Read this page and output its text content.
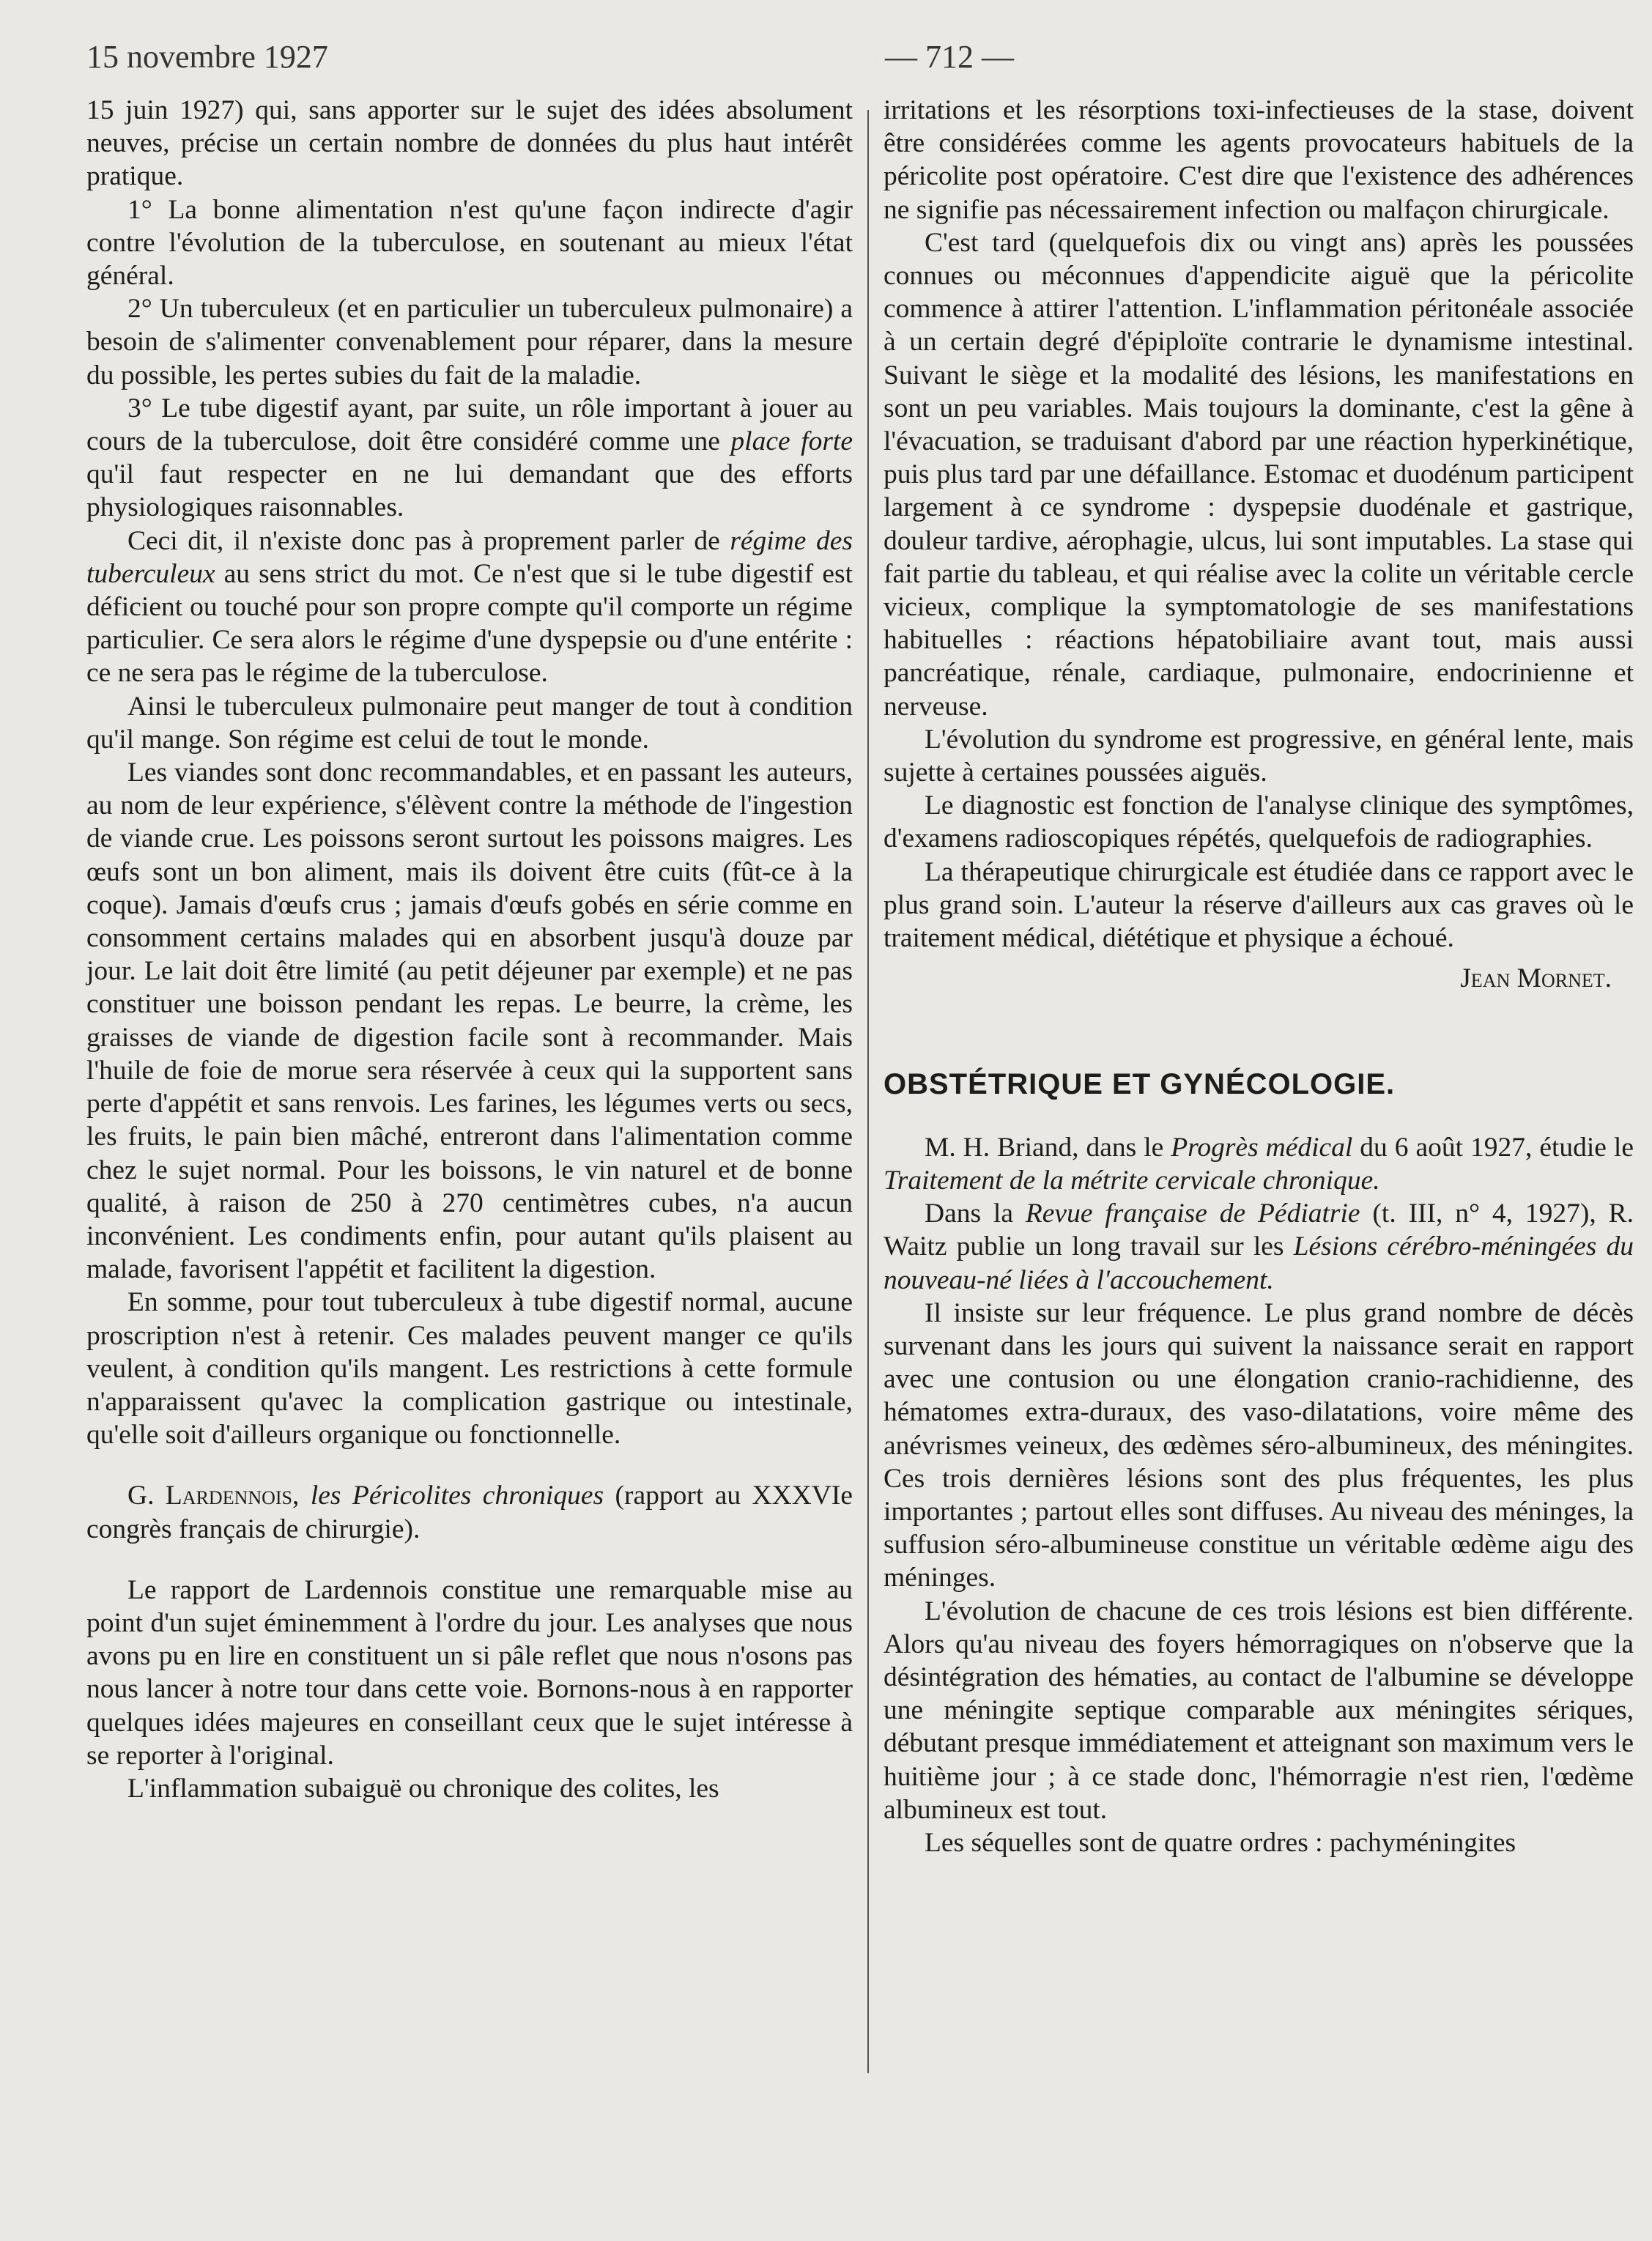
15 novembre 1927	— 712 —

15 juin 1927) qui, sans apporter sur le sujet des idées absolument neuves, précise un certain nombre de données du plus haut intérêt pratique.

1° La bonne alimentation n'est qu'une façon indirecte d'agir contre l'évolution de la tuberculose, en soutenant au mieux l'état général.

2° Un tuberculeux (et en particulier un tuberculeux pulmonaire) a besoin de s'alimenter convenablement pour réparer, dans la mesure du possible, les pertes subies du fait de la maladie.

3° Le tube digestif ayant, par suite, un rôle important à jouer au cours de la tuberculose, doit être considéré comme une place forte qu'il faut respecter en ne lui demandant que des efforts physiologiques raisonnables.

Ceci dit, il n'existe donc pas à proprement parler de régime des tuberculeux au sens strict du mot. Ce n'est que si le tube digestif est déficient ou touché pour son propre compte qu'il comporte un régime particulier. Ce sera alors le régime d'une dyspepsie ou d'une entérite : ce ne sera pas le régime de la tuberculose.

Ainsi le tuberculeux pulmonaire peut manger de tout à condition qu'il mange. Son régime est celui de tout le monde.

Les viandes sont donc recommandables, et en passant les auteurs, au nom de leur expérience, s'élèvent contre la méthode de l'ingestion de viande crue. Les poissons seront surtout les poissons maigres. Les œufs sont un bon aliment, mais ils doivent être cuits (fût-ce à la coque). Jamais d'œufs crus ; jamais d'œufs gobés en série comme en consomment certains malades qui en absorbent jusqu'à douze par jour. Le lait doit être limité (au petit déjeuner par exemple) et ne pas constituer une boisson pendant les repas. Le beurre, la crème, les graisses de viande de digestion facile sont à recommander. Mais l'huile de foie de morue sera réservée à ceux qui la supportent sans perte d'appétit et sans renvois. Les farines, les légumes verts ou secs, les fruits, le pain bien mâché, entreront dans l'alimentation comme chez le sujet normal. Pour les boissons, le vin naturel et de bonne qualité, à raison de 250 à 270 centimètres cubes, n'a aucun inconvénient. Les condiments enfin, pour autant qu'ils plaisent au malade, favorisent l'appétit et facilitent la digestion.

En somme, pour tout tuberculeux à tube digestif normal, aucune proscription n'est à retenir. Ces malades peuvent manger ce qu'ils veulent, à condition qu'ils mangent. Les restrictions à cette formule n'apparaissent qu'avec la complication gastrique ou intestinale, qu'elle soit d'ailleurs organique ou fonctionnelle.

G. Lardennois, les Péricolites chroniques (rapport au XXXVIe congrès français de chirurgie).

Le rapport de Lardennois constitue une remarquable mise au point d'un sujet éminemment à l'ordre du jour. Les analyses que nous avons pu en lire en constituent un si pâle reflet que nous n'osons pas nous lancer à notre tour dans cette voie. Bornons-nous à en rapporter quelques idées majeures en conseillant ceux que le sujet intéresse à se reporter à l'original.

L'inflammation subaiguë ou chronique des colites, les

irritations et les résorptions toxi-infectieuses de la stase, doivent être considérées comme les agents provocateurs habituels de la péricolite post opératoire. C'est dire que l'existence des adhérences ne signifie pas nécessairement infection ou malfaçon chirurgicale.

C'est tard (quelquefois dix ou vingt ans) après les poussées connues ou méconnues d'appendicite aiguë que la péricolite commence à attirer l'attention. L'inflammation péritonéale associée à un certain degré d'épiploïte contrarie le dynamisme intestinal. Suivant le siège et la modalité des lésions, les manifestations en sont un peu variables. Mais toujours la dominante, c'est la gêne à l'évacuation, se traduisant d'abord par une réaction hyperkinétique, puis plus tard par une défaillance. Estomac et duodénum participent largement à ce syndrome : dyspepsie duodénale et gastrique, douleur tardive, aérophagie, ulcus, lui sont imputables. La stase qui fait partie du tableau, et qui réalise avec la colite un véritable cercle vicieux, complique la symptomatologie de ses manifestations habituelles : réactions hépatobiliaire avant tout, mais aussi pancréatique, rénale, cardiaque, pulmonaire, endocrinienne et nerveuse.

L'évolution du syndrome est progressive, en général lente, mais sujette à certaines poussées aiguës.

Le diagnostic est fonction de l'analyse clinique des symptômes, d'examens radioscopiques répétés, quelquefois de radiographies.

La thérapeutique chirurgicale est étudiée dans ce rapport avec le plus grand soin. L'auteur la réserve d'ailleurs aux cas graves où le traitement médical, diététique et physique a échoué.

Jean Mornet.

OBSTÉTRIQUE ET GYNÉCOLOGIE.

M. H. Briand, dans le Progrès médical du 6 août 1927, étudie le Traitement de la métrite cervicale chronique.

Dans la Revue française de Pédiatrie (t. III, n° 4, 1927), R. Waitz publie un long travail sur les Lésions cérébro-méningées du nouveau-né liées à l'accouchement.

Il insiste sur leur fréquence. Le plus grand nombre de décès survenant dans les jours qui suivent la naissance serait en rapport avec une contusion ou une élongation cranio-rachidienne, des hématomes extra-duraux, des vaso-dilatations, voire même des anévrismes veineux, des œdèmes séro-albumineux, des méningites. Ces trois dernières lésions sont des plus fréquentes, les plus importantes ; partout elles sont diffuses. Au niveau des méninges, la suffusion séro-albumineuse constitue un véritable œdème aigu des méninges.

L'évolution de chacune de ces trois lésions est bien différente. Alors qu'au niveau des foyers hémorragiques on n'observe que la désintégration des hématies, au contact de l'albumine se développe une méningite septique comparable aux méningites sériques, débutant presque immédiatement et atteignant son maximum vers le huitième jour ; à ce stade donc, l'hémorragie n'est rien, l'œdème albumineux est tout.

Les séquelles sont de quatre ordres : pachyméningites
